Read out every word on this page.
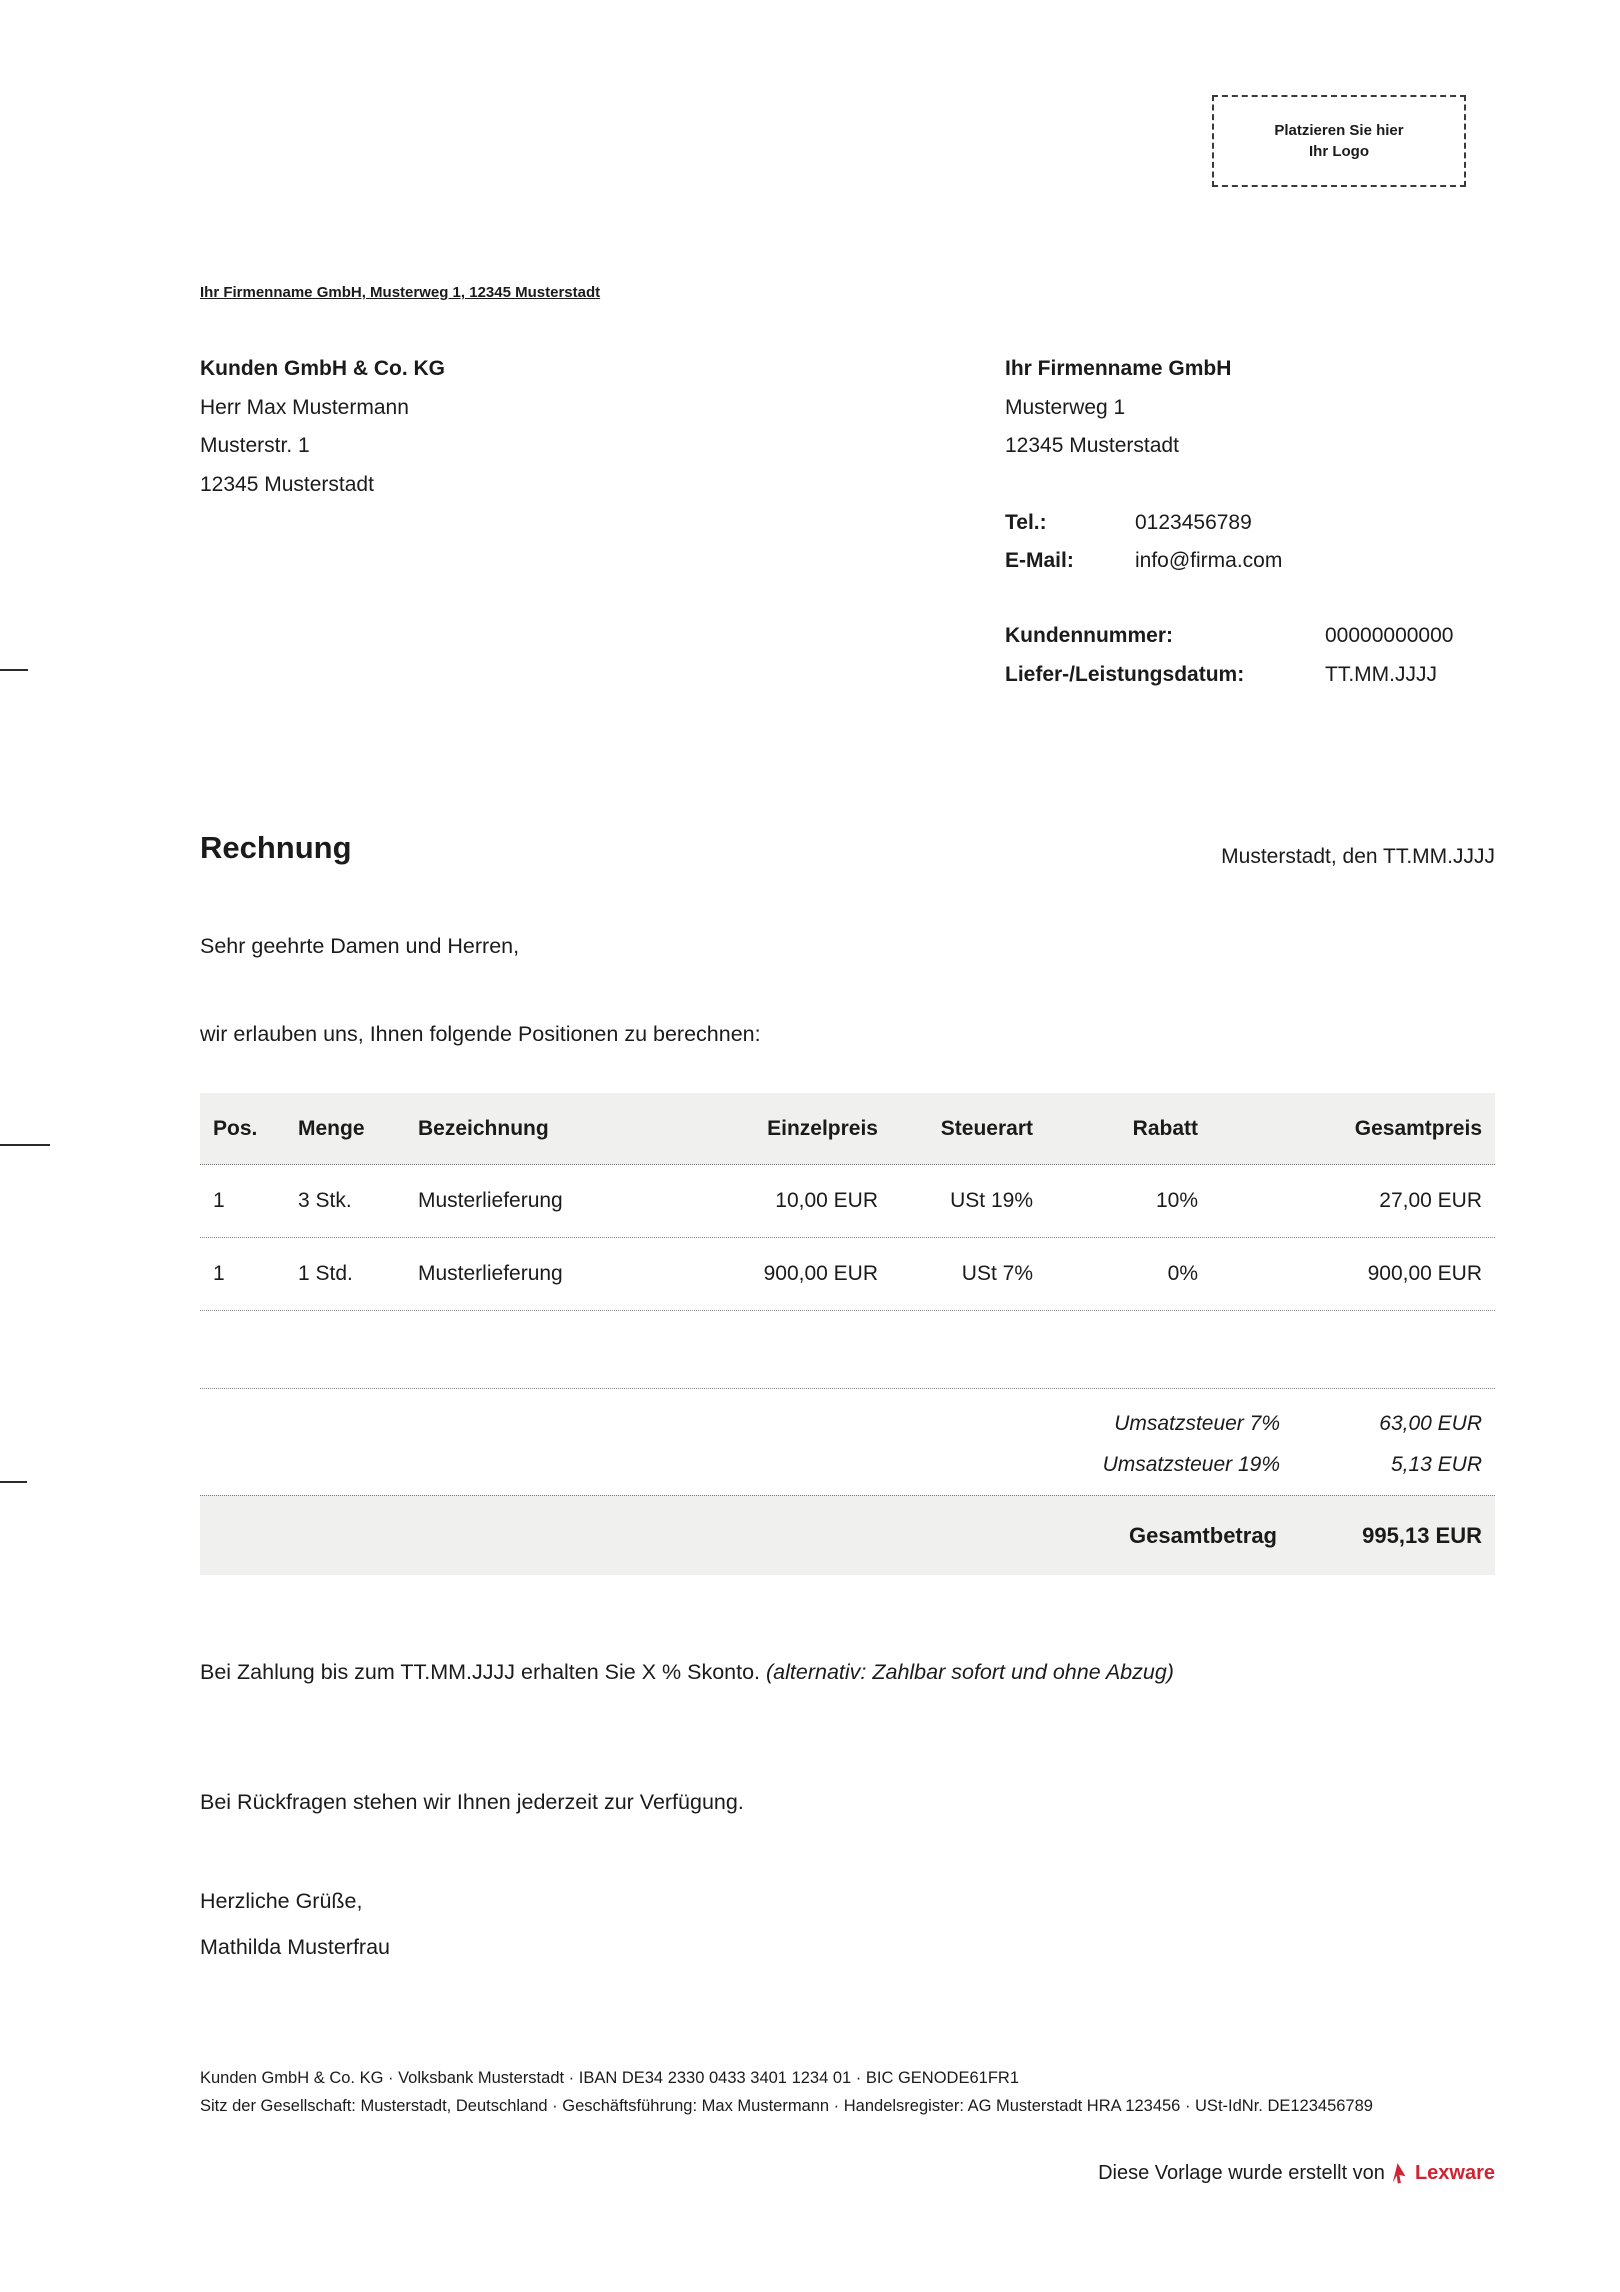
Platzieren Sie hier
Ihr Logo
Ihr Firmenname GmbH, Musterweg 1, 12345 Musterstadt
Kunden GmbH & Co. KG
Herr Max Mustermann
Musterstr. 1
12345 Musterstadt
Ihr Firmenname GmbH
Musterweg 1
12345 Musterstadt
Tel.:	0123456789
E-Mail:	info@firma.com
Kundennummer:	00000000000
Liefer-/Leistungsdatum:	TT.MM.JJJJ
Rechnung	Musterstadt, den TT.MM.JJJJ
Sehr geehrte Damen und Herren,
wir erlauben uns, Ihnen folgende Positionen zu berechnen:
Pos.	Menge	Bezeichnung	Einzelpreis	Steuerart	Rabatt	Gesamtpreis
1	3 Stk.	Musterlieferung	10,00 EUR	USt 19%	10%	27,00 EUR
1	1 Std.	Musterlieferung	900,00 EUR	USt 7%	0%	900,00 EUR
Umsatzsteuer 7%	63,00 EUR
Umsatzsteuer 19%	5,13 EUR
Gesamtbetrag	995,13 EUR
Bei Zahlung bis zum TT.MM.JJJJ erhalten Sie X % Skonto. (alternativ: Zahlbar sofort und ohne Abzug)
Bei Rückfragen stehen wir Ihnen jederzeit zur Verfügung.
Herzliche Grüße,
Mathilda Musterfrau
Kunden GmbH & Co. KG · Volksbank Musterstadt · IBAN DE34 2330 0433 3401 1234 01 · BIC GENODE61FR1
Sitz der Gesellschaft: Musterstadt, Deutschland · Geschäftsführung: Max Mustermann · Handelsregister: AG Musterstadt HRA 123456 · USt-IdNr. DE123456789
Diese Vorlage wurde erstellt von Lexware
